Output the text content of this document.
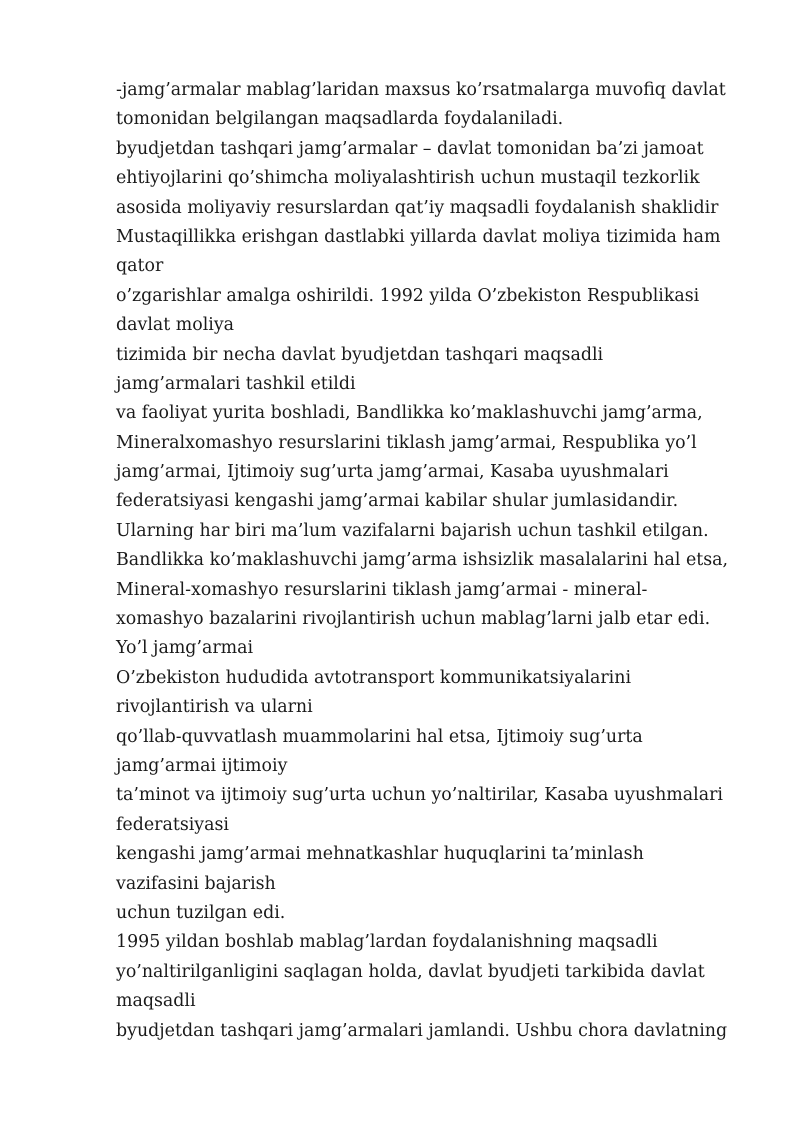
-jamg’armalar mablag’laridan maxsus ko’rsatmalarga muvofiq davlat
tomonidan belgilangan maqsadlarda foydalaniladi.
byudjetdan tashqari jamg’armalar – davlat tomonidan ba’zi jamoat
ehtiyojlarini qo’shimcha moliyalashtirish uchun mustaqil tezkorlik
asosida moliyaviy resurslardan qat’iy maqsadli foydalanish shaklidir
Mustaqillikka erishgan dastlabki yillarda davlat moliya tizimida ham
qator
o’zgarishlar amalga oshirildi. 1992 yilda O’zbekiston Respublikasi
davlat moliya
tizimida bir necha davlat byudjetdan tashqari maqsadli
jamg’armalari tashkil etildi
va faoliyat yurita boshladi, Bandlikka ko’maklashuvchi jamg’arma,
Mineralxomashyo resurslarini tiklash jamg’armai, Respublika yo’l
jamg’armai, Ijtimoiy sug’urta jamg’armai, Kasaba uyushmalari
federatsiyasi kengashi jamg’armai kabilar shular jumlasidandir.
Ularning har biri ma’lum vazifalarni bajarish uchun tashkil etilgan.
Bandlikka ko’maklashuvchi jamg’arma ishsizlik masalalarini hal etsa,
Mineral-xomashyo resurslarini tiklash jamg’armai - mineral-
xomashyo bazalarini rivojlantirish uchun mablag’larni jalb etar edi.
Yo’l jamg’armai
O’zbekiston hududida avtotransport kommunikatsiyalarini
rivojlantirish va ularni
qo’llab-quvvatlash muammolarini hal etsa, Ijtimoiy sug’urta
jamg’armai ijtimoiy
ta’minot va ijtimoiy sug’urta uchun yo’naltirilar, Kasaba uyushmalari
federatsiyasi
kengashi jamg’armai mehnatkashlar huquqlarini ta’minlash
vazifasini bajarish
uchun tuzilgan edi.
1995 yildan boshlab mablag’lardan foydalanishning maqsadli
yo’naltirilganligini saqlagan holda, davlat byudjeti tarkibida davlat
maqsadli
byudjetdan tashqari jamg’armalari jamlandi. Ushbu chora davlatning
